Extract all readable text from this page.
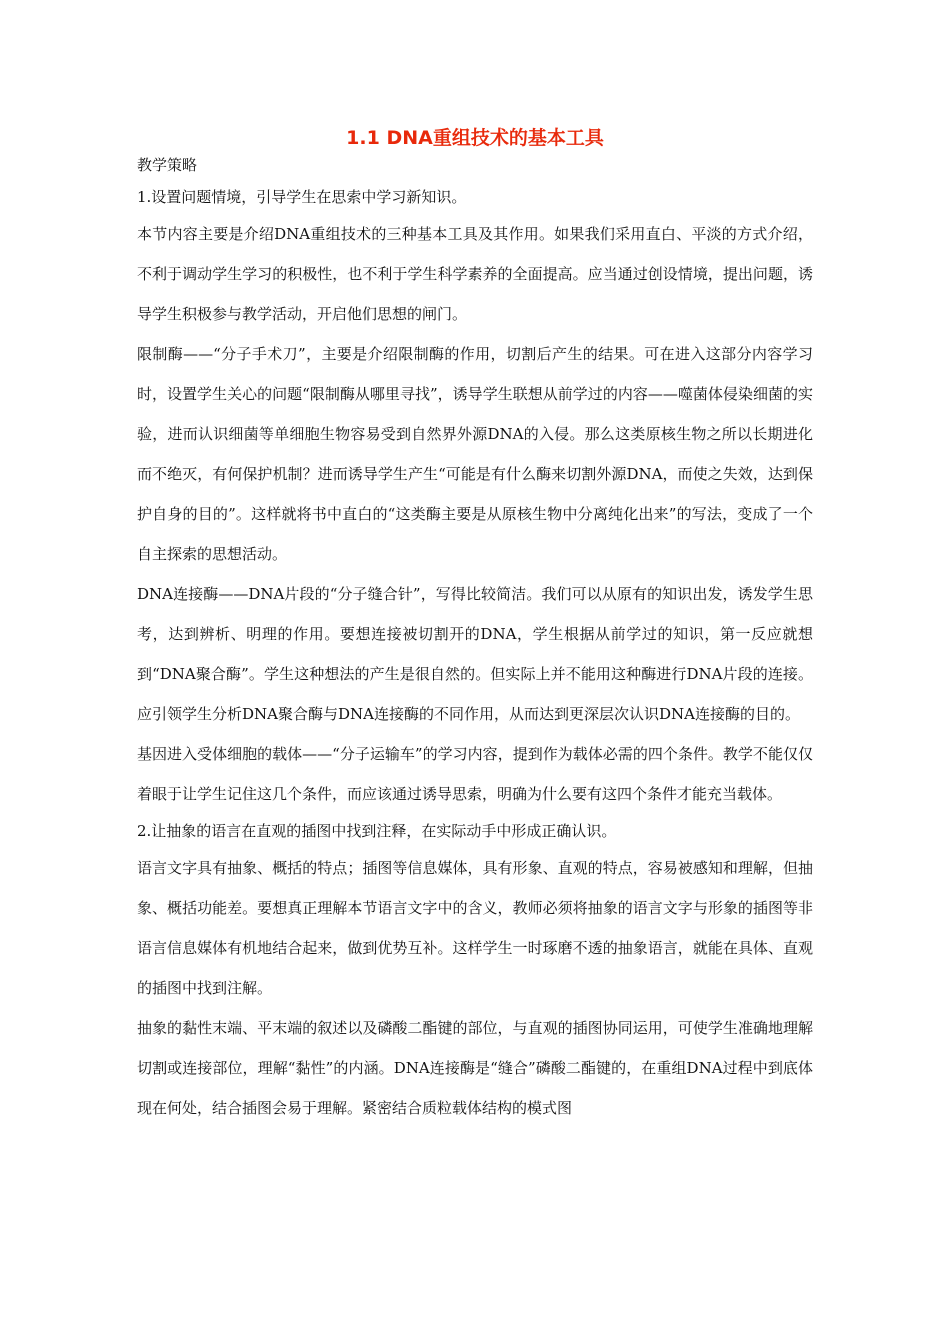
1.1 DNA重组技术的基本工具
教学策略

1.设置问题情境，引导学生在思索中学习新知识。

本节内容主要是介绍DNA重组技术的三种基本工具及其作用。如果我们采用直白、平淡的方式介绍，不利于调动学生学习的积极性，也不利于学生科学素养的全面提高。应当通过创设情境，提出问题，诱导学生积极参与教学活动，开启他们思想的闸门。

限制酶——“分子手术刀”，主要是介绍限制酶的作用，切割后产生的结果。可在进入这部分内容学习时，设置学生关心的问题“限制酶从哪里寻找”，诱导学生联想从前学过的内容——噬菌体侵染细菌的实验，进而认识细菌等单细胞生物容易受到自然界外源DNA的入侵。那么这类原核生物之所以长期进化而不绝灭，有何保护机制？进而诱导学生产生“可能是有什么酶来切割外源DNA，而使之失效，达到保护自身的目的”。这样就将书中直白的“这类酶主要是从原核生物中分离纯化出来”的写法，变成了一个自主探索的思想活动。

DNA连接酶——DNA片段的“分子缝合针”，写得比较简洁。我们可以从原有的知识出发，诱发学生思考，达到辨析、明理的作用。要想连接被切割开的DNA，学生根据从前学过的知识，第一反应就想到“DNA聚合酶”。学生这种想法的产生是很自然的。但实际上并不能用这种酶进行DNA片段的连接。应引领学生分析DNA聚合酶与DNA连接酶的不同作用，从而达到更深层次认识DNA连接酶的目的。

基因进入受体细胞的载体——“分子运输车”的学习内容，提到作为载体必需的四个条件。教学不能仅仅着眼于让学生记住这几个条件，而应该通过诱导思索，明确为什么要有这四个条件才能充当载体。

2.让抽象的语言在直观的插图中找到注释，在实际动手中形成正确认识。

语言文字具有抽象、概括的特点；插图等信息媒体，具有形象、直观的特点，容易被感知和理解，但抽象、概括功能差。要想真正理解本节语言文字中的含义，教师必须将抽象的语言文字与形象的插图等非语言信息媒体有机地结合起来，做到优势互补。这样学生一时琢磨不透的抽象语言，就能在具体、直观的插图中找到注解。

抽象的黏性末端、平末端的叙述以及磷酸二酯键的部位，与直观的插图协同运用，可使学生准确地理解切割或连接部位，理解“黏性”的内涵。DNA连接酶是“缝合”磷酸二酯键的，在重组DNA过程中到底体现在何处，结合插图会易于理解。紧密结合质粒载体结构的模式图
